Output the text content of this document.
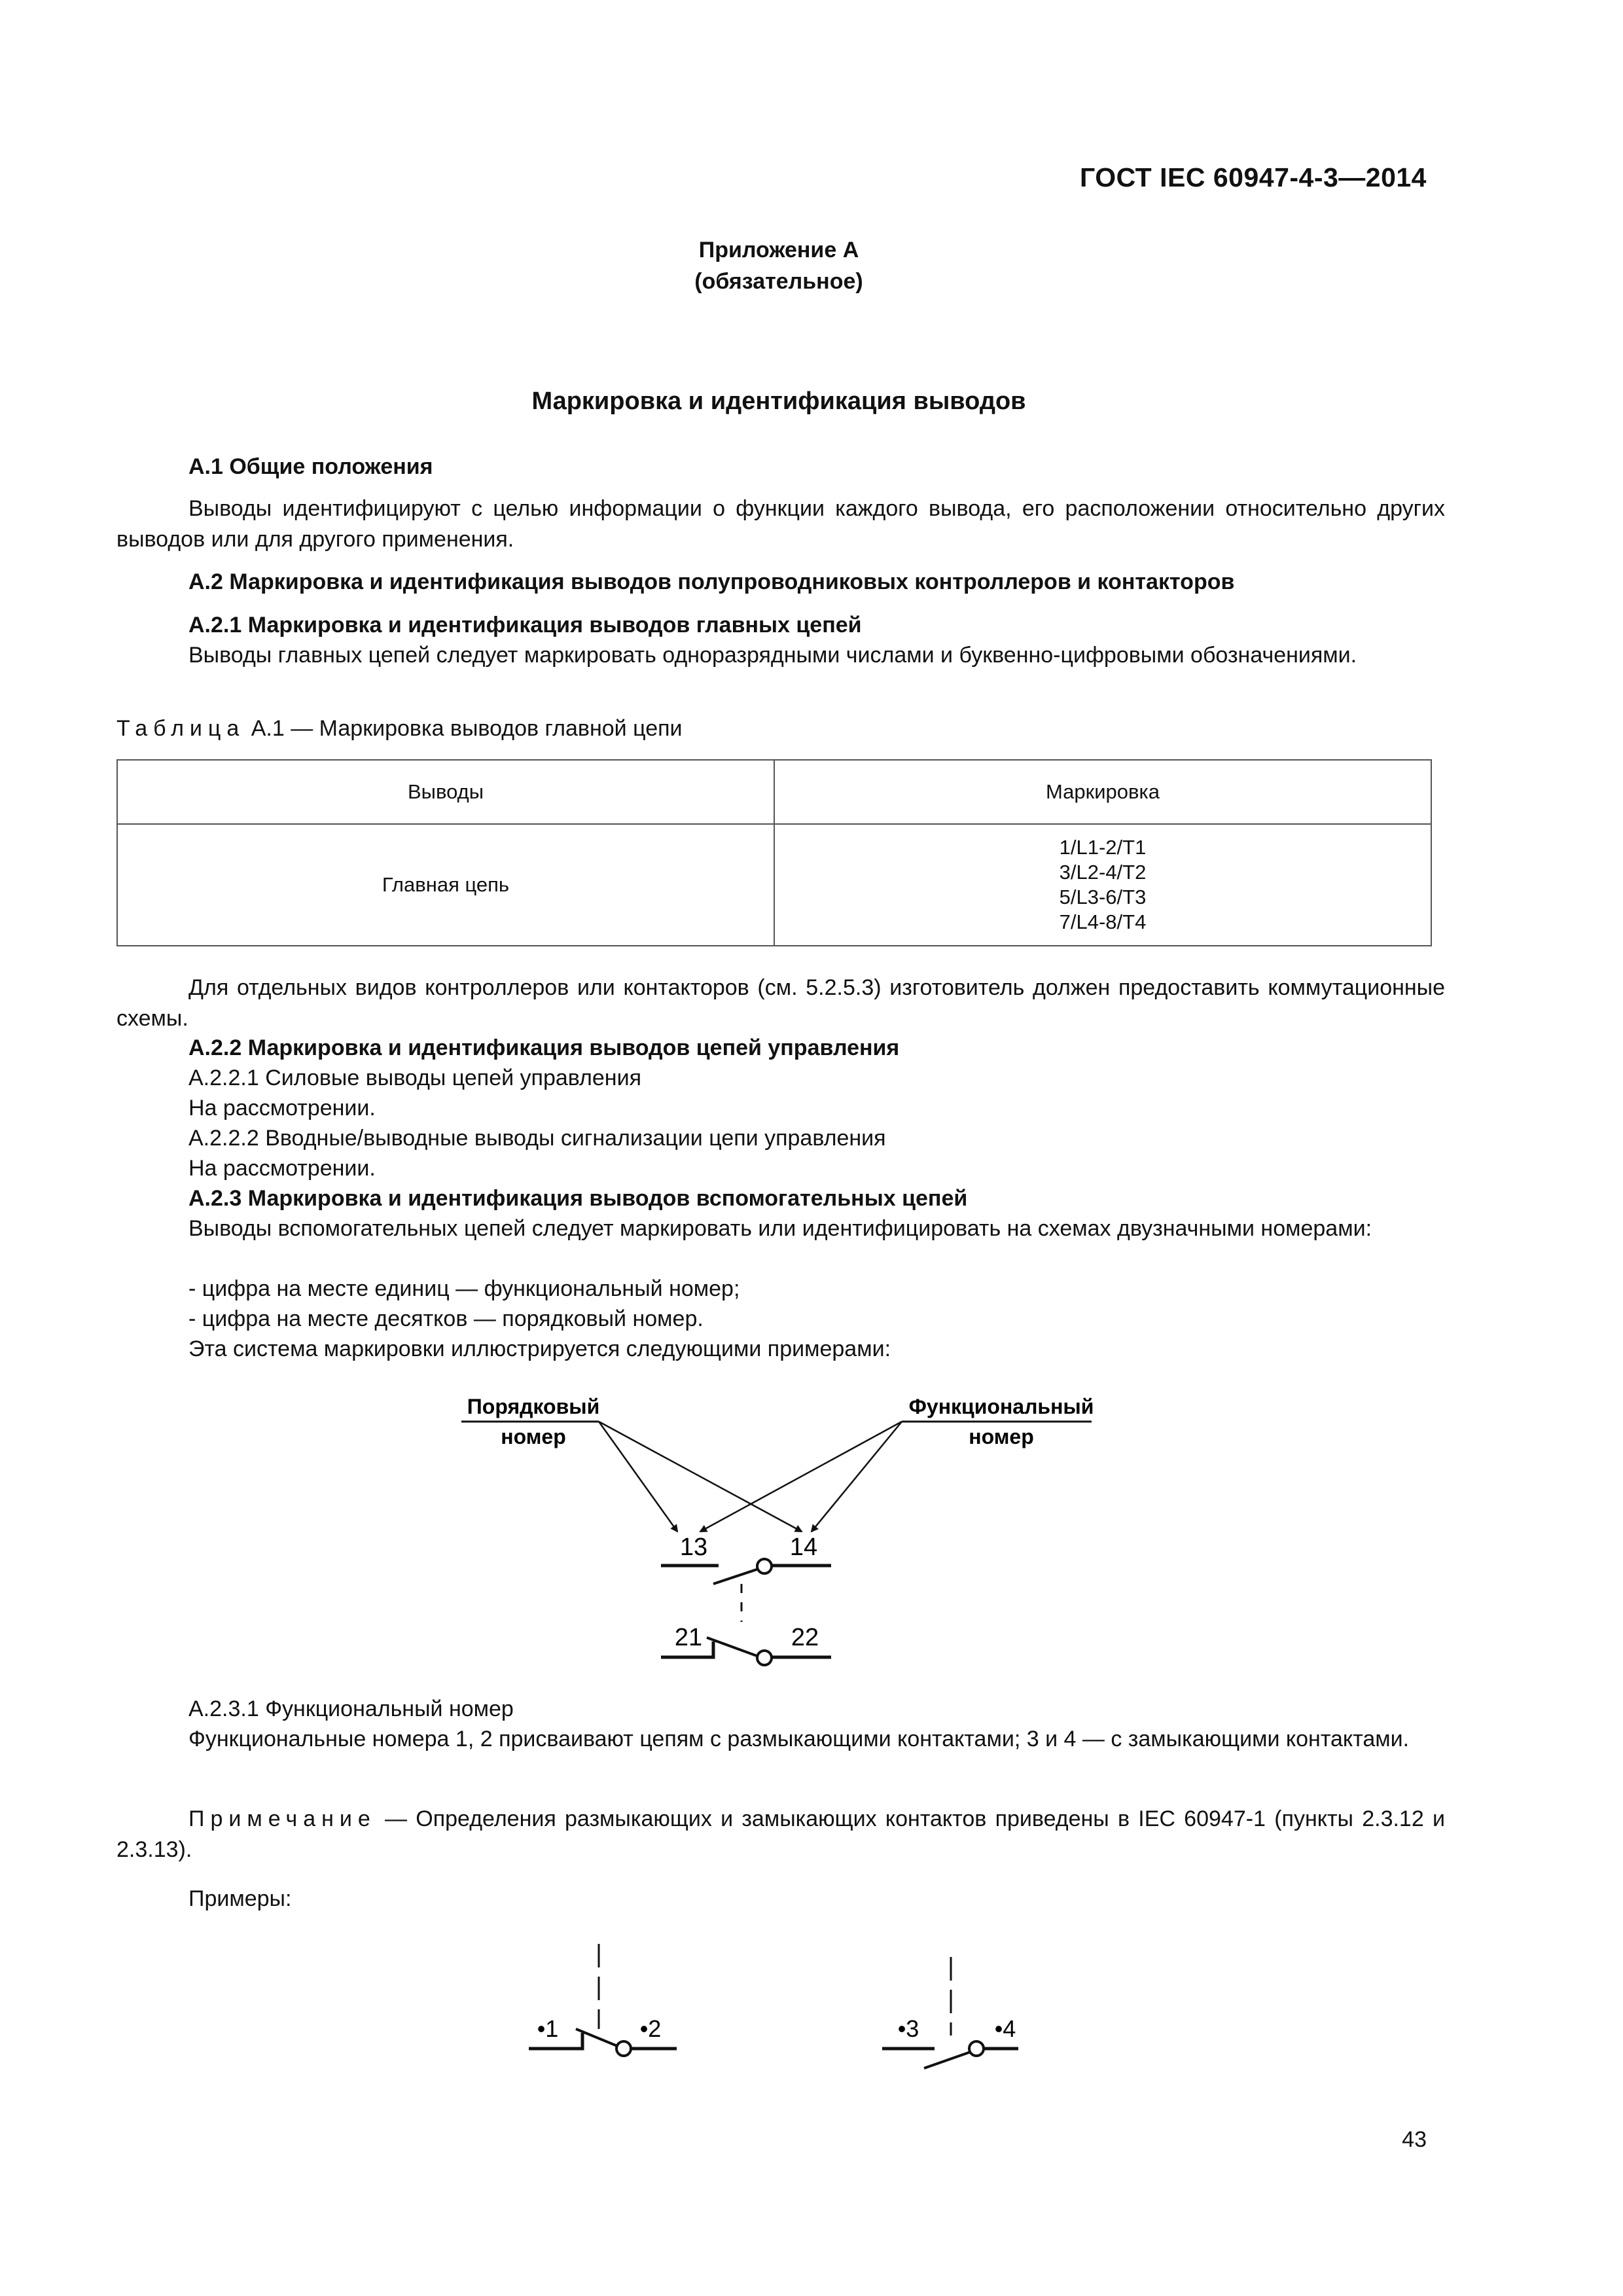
ГОСТ IEC 60947-4-3—2014
Приложение А
(обязательное)
Маркировка и идентификация выводов
А.1 Общие положения
Выводы идентифицируют с целью информации о функции каждого вывода, его расположении относительно других выводов или для другого применения.
А.2 Маркировка и идентификация выводов полупроводниковых контроллеров и контакторов
А.2.1 Маркировка и идентификация выводов главных цепей
Выводы главных цепей следует маркировать одноразрядными числами и буквенно-цифровыми обозначениями.
Таблица А.1 — Маркировка выводов главной цепи
Выводы	Маркировка
Главная цепь	1/L1-2/T1
3/L2-4/T2
5/L3-6/T3
7/L4-8/T4
Для отдельных видов контроллеров или контакторов (см. 5.2.5.3) изготовитель должен предоставить коммутационные схемы.
А.2.2 Маркировка и идентификация выводов цепей управления
А.2.2.1 Силовые выводы цепей управления
На рассмотрении.
А.2.2.2 Вводные/выводные выводы сигнализации цепи управления
На рассмотрении.
А.2.3 Маркировка и идентификация выводов вспомогательных цепей
Выводы вспомогательных цепей следует маркировать или идентифицировать на схемах двузначными номерами:
- цифра на месте единиц — функциональный номер;
- цифра на месте десятков — порядковый номер.
Эта система маркировки иллюстрируется следующими примерами:
Порядковый
номер
Функциональный
номер
13	14
21	22
А.2.3.1 Функциональный номер
Функциональные номера 1, 2 присваивают цепям с размыкающими контактами; 3 и 4 — с замыкающими контактами.
Примечание — Определения размыкающих и замыкающих контактов приведены в IEC 60947-1 (пункты 2.3.12 и 2.3.13).
Примеры:
•1	•2	•3	•4
43
